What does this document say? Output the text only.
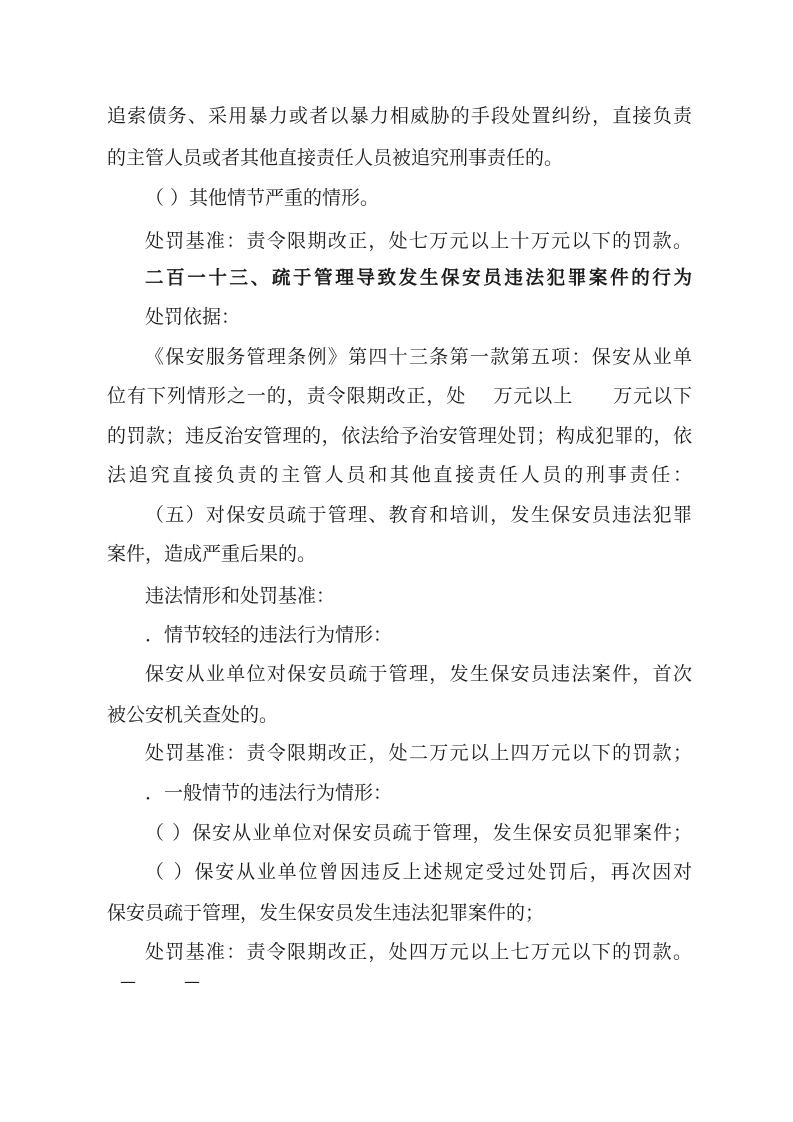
追索债务、采用暴力或者以暴力相威胁的手段处置纠纷，直接负责
的主管人员或者其他直接责任人员被追究刑事责任的。
（ ）其他情节严重的情形。
处罚基准：责令限期改正，处七万元以上十万元以下的罚款。
二百一十三、疏于管理导致发生保安员违法犯罪案件的行为
处罚依据：
《保安服务管理条例》第四十三条第一款第五项：保安从业单
位有下列情形之一的，责令限期改正，处　 万元以上　　万元以下
的罚款；违反治安管理的，依法给予治安管理处罚；构成犯罪的，依
法追究直接负责的主管人员和其他直接责任人员的刑事责任：
（五）对保安员疏于管理、教育和培训，发生保安员违法犯罪
案件，造成严重后果的。
违法情形和处罚基准：
．情节较轻的违法行为情形：
保安从业单位对保安员疏于管理，发生保安员违法案件，首次
被公安机关查处的。
处罚基准：责令限期改正，处二万元以上四万元以下的罚款；
．一般情节的违法行为情形：
（ ）保安从业单位对保安员疏于管理，发生保安员犯罪案件；
（ ）保安从业单位曾因违反上述规定受过处罚后，再次因对
保安员疏于管理，发生保安员发生违法犯罪案件的；
处罚基准：责令限期改正，处四万元以上七万元以下的罚款。
—　　　—
